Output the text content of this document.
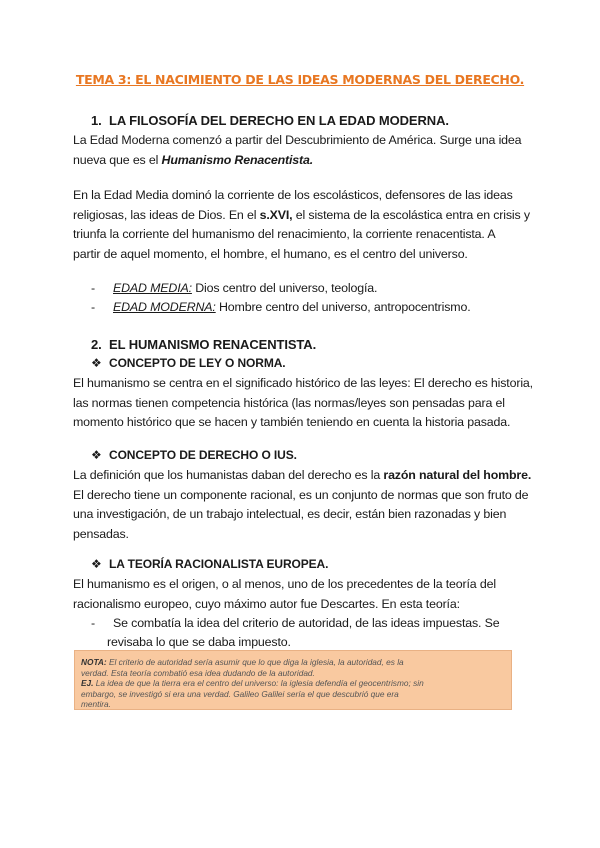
TEMA 3: EL NACIMIENTO DE LAS IDEAS MODERNAS DEL DERECHO.
1. LA FILOSOFÍA DEL DERECHO EN LA EDAD MODERNA.
La Edad Moderna comenzó a partir del Descubrimiento de América. Surge una idea
nueva que es el Humanismo Renacentista.
En la Edad Media dominó la corriente de los escolásticos, defensores de las ideas
religiosas, las ideas de Dios. En el s.XVI, el sistema de la escolástica entra en crisis y
triunfa la corriente del humanismo del renacimiento, la corriente renacentista. A
partir de aquel momento, el hombre, el humano, es el centro del universo.
- EDAD MEDIA: Dios centro del universo, teología.
- EDAD MODERNA: Hombre centro del universo, antropocentrismo.
2. EL HUMANISMO RENACENTISTA.
❖ CONCEPTO DE LEY O NORMA.
El humanismo se centra en el significado histórico de las leyes: El derecho es historia,
las normas tienen competencia histórica (las normas/leyes son pensadas para el
momento histórico que se hacen y también teniendo en cuenta la historia pasada.
❖ CONCEPTO DE DERECHO O IUS.
La definición que los humanistas daban del derecho es la razón natural del hombre.
El derecho tiene un componente racional, es un conjunto de normas que son fruto de
una investigación, de un trabajo intelectual, es decir, están bien razonadas y bien
pensadas.
❖ LA TEORÍA RACIONALISTA EUROPEA.
El humanismo es el origen, o al menos, uno de los precedentes de la teoría del
racionalismo europeo, cuyo máximo autor fue Descartes. En esta teoría:
- Se combatía la idea del criterio de autoridad, de las ideas impuestas. Se
revisaba lo que se daba impuesto.
NOTA: El criterio de autoridad sería asumir que lo que diga la iglesia, la autoridad, es la
verdad. Esta teoría combatió esa idea dudando de la autoridad.
EJ. La idea de que la tierra era el centro del universo: la iglesia defendía el geocentrismo; sin
embargo, se investigó si era una verdad. Galileo Galilei sería el que descubrió que era
mentira.
